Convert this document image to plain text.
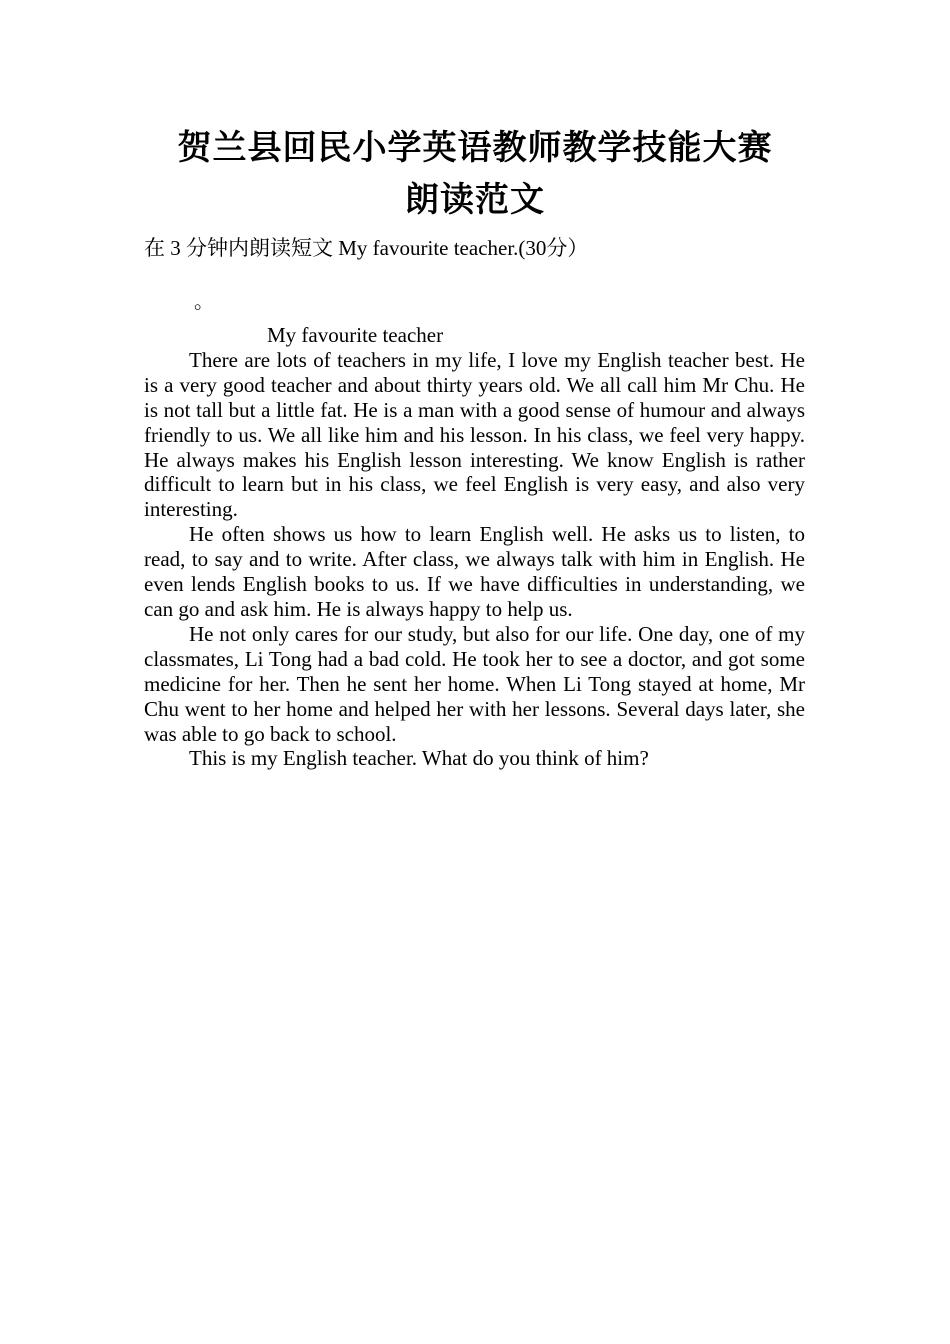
贺兰县回民小学英语教师教学技能大赛
朗读范文
在 3 分钟内朗读短文 My favourite teacher.(30分）
。

My favourite teacher

There are lots of teachers in my life, I love my English teacher best. He is a very good teacher and about thirty years old. We all call him Mr Chu. He is not tall but a little fat. He is a man with a good sense of humour and always friendly to us. We all like him and his lesson. In his class, we feel very happy. He always makes his English lesson interesting. We know English is rather difficult to learn but in his class, we feel English is very easy, and also very interesting.

He often shows us how to learn English well. He asks us to listen, to read, to say and to write. After class, we always talk with him in English. He even lends English books to us. If we have difficulties in understanding, we can go and ask him. He is always happy to help us.

He not only cares for our study, but also for our life. One day, one of my classmates, Li Tong had a bad cold. He took her to see a doctor, and got some medicine for her. Then he sent her home. When Li Tong stayed at home, Mr Chu went to her home and helped her with her lessons. Several days later, she was able to go back to school.

This is my English teacher. What do you think of him?
